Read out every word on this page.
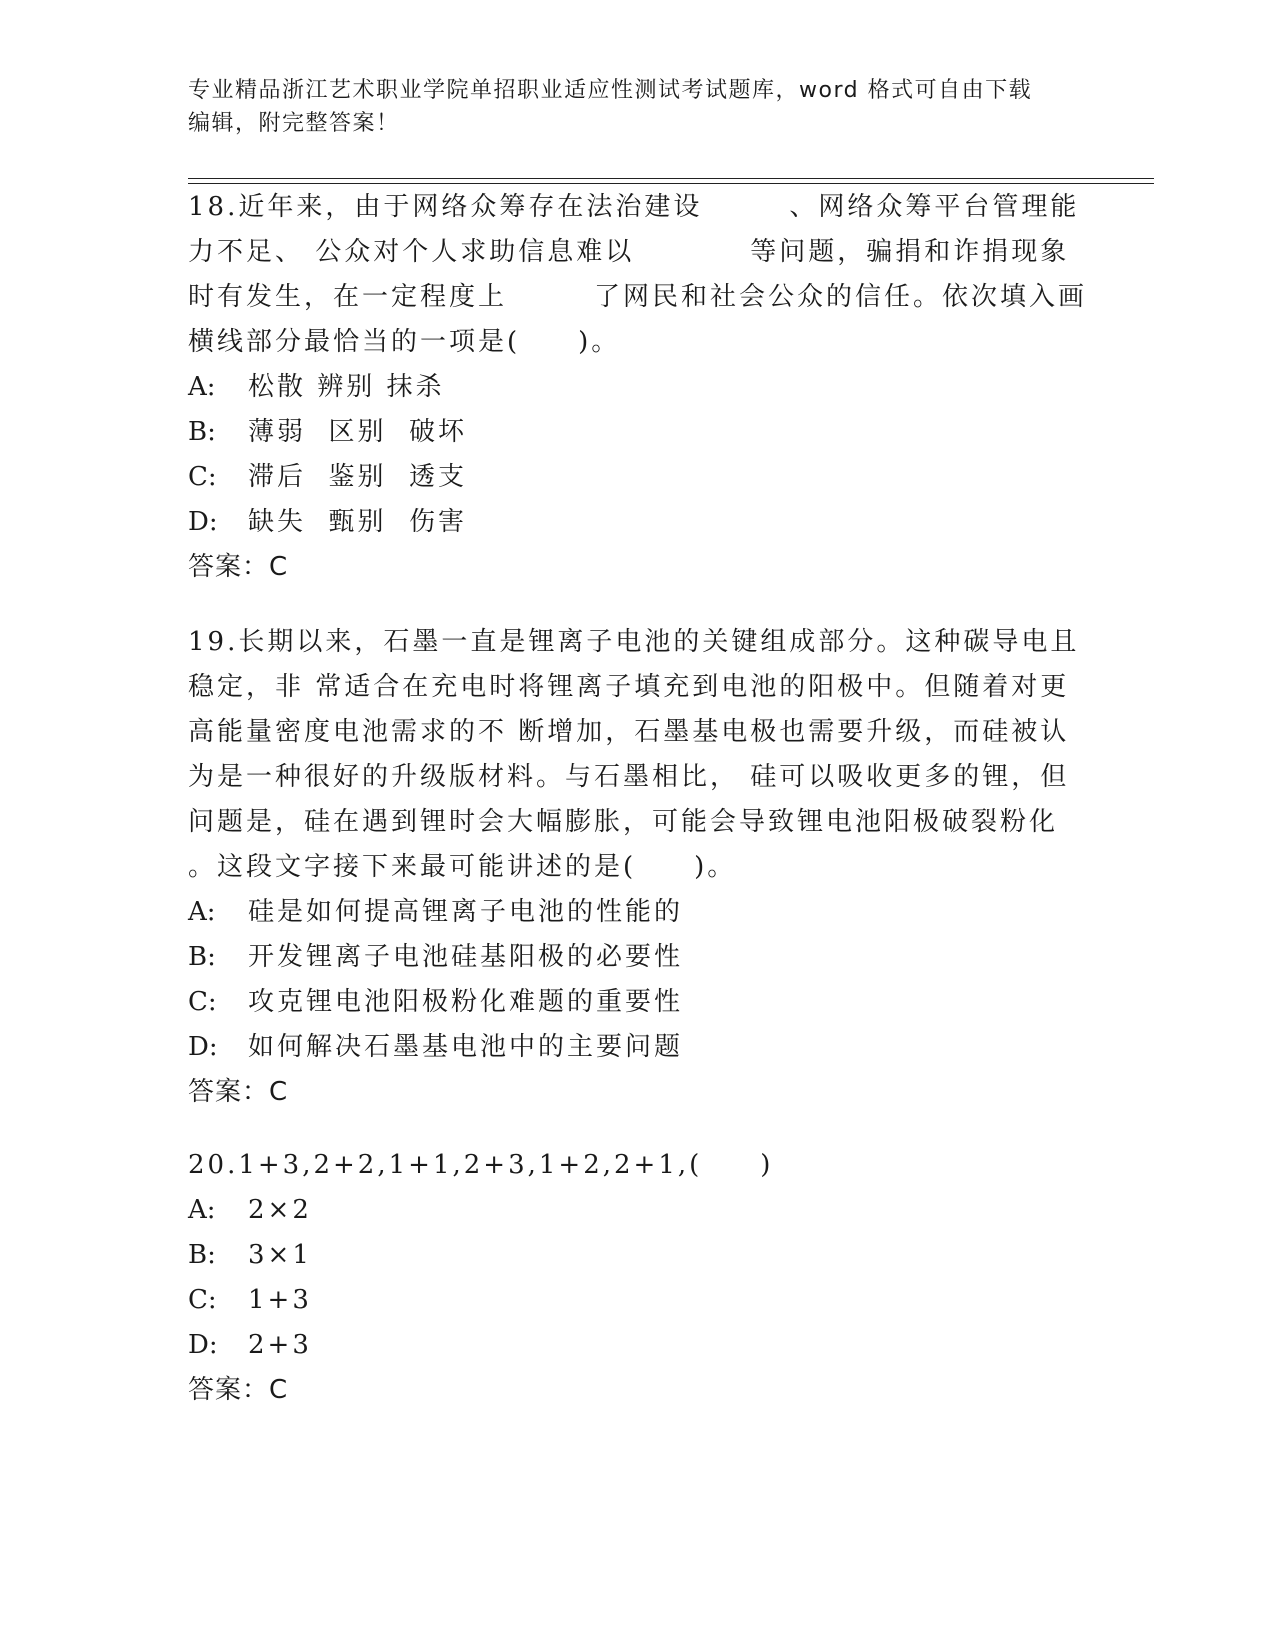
专业精品浙江艺术职业学院单招职业适应性测试考试题库，word 格式可自由下载
编辑，附完整答案！

18.近年来，由于网络众筹存在法治建设　　　、网络众筹平台管理能

力不足、 公众对个人求助信息难以　　　　等问题，骗捐和诈捐现象

时有发生，在一定程度上　　　了网民和社会公众的信任。依次填入画

横线部分最恰当的一项是(　　)。

A: 松散 辨别 抹杀

B: 薄弱  区别  破坏

C: 滞后  鉴别  透支

D: 缺失  甄别  伤害

答案：C

19.长期以来，石墨一直是锂离子电池的关键组成部分。这种碳导电且

稳定，非 常适合在充电时将锂离子填充到电池的阳极中。但随着对更

高能量密度电池需求的不 断增加，石墨基电极也需要升级，而硅被认

为是一种很好的升级版材料。与石墨相比， 硅可以吸收更多的锂，但

问题是，硅在遇到锂时会大幅膨胀，可能会导致锂电池阳极破裂粉化

。这段文字接下来最可能讲述的是(　　)。

A: 硅是如何提高锂离子电池的性能的

B: 开发锂离子电池硅基阳极的必要性

C: 攻克锂电池阳极粉化难题的重要性

D: 如何解决石墨基电池中的主要问题

答案：C

20.1+3,2+2,1+1,2+3,1+2,2+1,(　　)

A: 2×2

B: 3×1

C: 1+3

D: 2+3

答案：C
